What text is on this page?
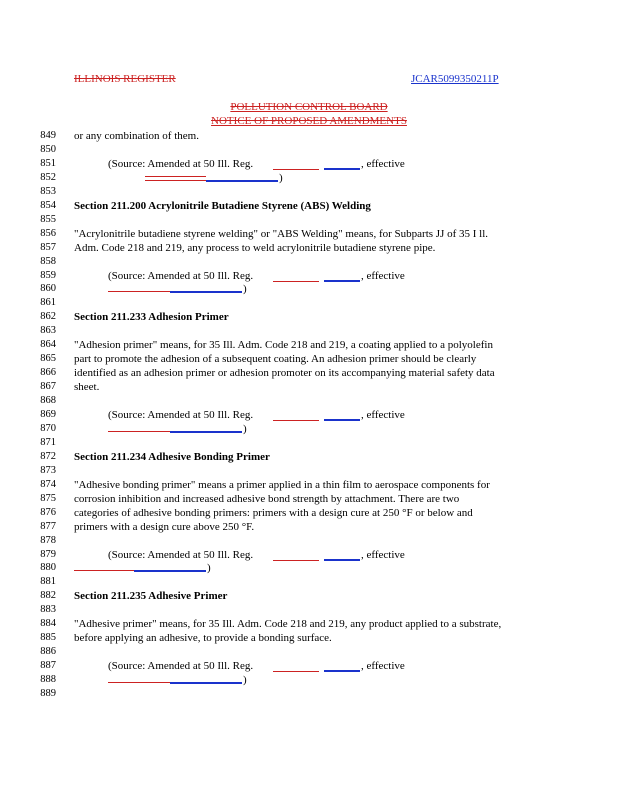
ILLINOIS REGISTER	JCAR5099350211P
POLLUTION CONTROL BOARD
NOTICE OF PROPOSED AMENDMENTS
849 or any combination of them.
850
851	(Source: Amended at 50 Ill. Reg.	, effective
852	)
853
854 Section 211.200 Acrylonitrile Butadiene Styrene (ABS) Welding
855
856 "Acrylonitrile butadiene styrene welding" or "ABS Welding" means, for Subparts JJ of 35 I ll.
857 Adm. Code 218 and 219, any process to weld acrylonitrile butadiene styrene pipe.
858
859	(Source: Amended at 50 Ill. Reg.	, effective
860	)
861
862 Section 211.233 Adhesion Primer
863
864 "Adhesion primer" means, for 35 Ill. Adm. Code 218 and 219, a coating applied to a polyolefin
865 part to promote the adhesion of a subsequent coating. An adhesion primer should be clearly
866 identified as an adhesion primer or adhesion promoter on its accompanying material safety data
867 sheet.
868
869	(Source: Amended at 50 Ill. Reg.	, effective
870	)
871
872 Section 211.234 Adhesive Bonding Primer
873
874 "Adhesive bonding primer" means a primer applied in a thin film to aerospace components for
875 corrosion inhibition and increased adhesive bond strength by attachment. There are two
876 categories of adhesive bonding primers: primers with a design cure at 250 °F or below and
877 primers with a design cure above 250 °F.
878
879	(Source: Amended at 50 Ill. Reg.	, effective
880	)
881
882 Section 211.235 Adhesive Primer
883
884 "Adhesive primer" means, for 35 Ill. Adm. Code 218 and 219, any product applied to a substrate,
885 before applying an adhesive, to provide a bonding surface.
886
887	(Source: Amended at 50 Ill. Reg.	, effective
888	)
889
